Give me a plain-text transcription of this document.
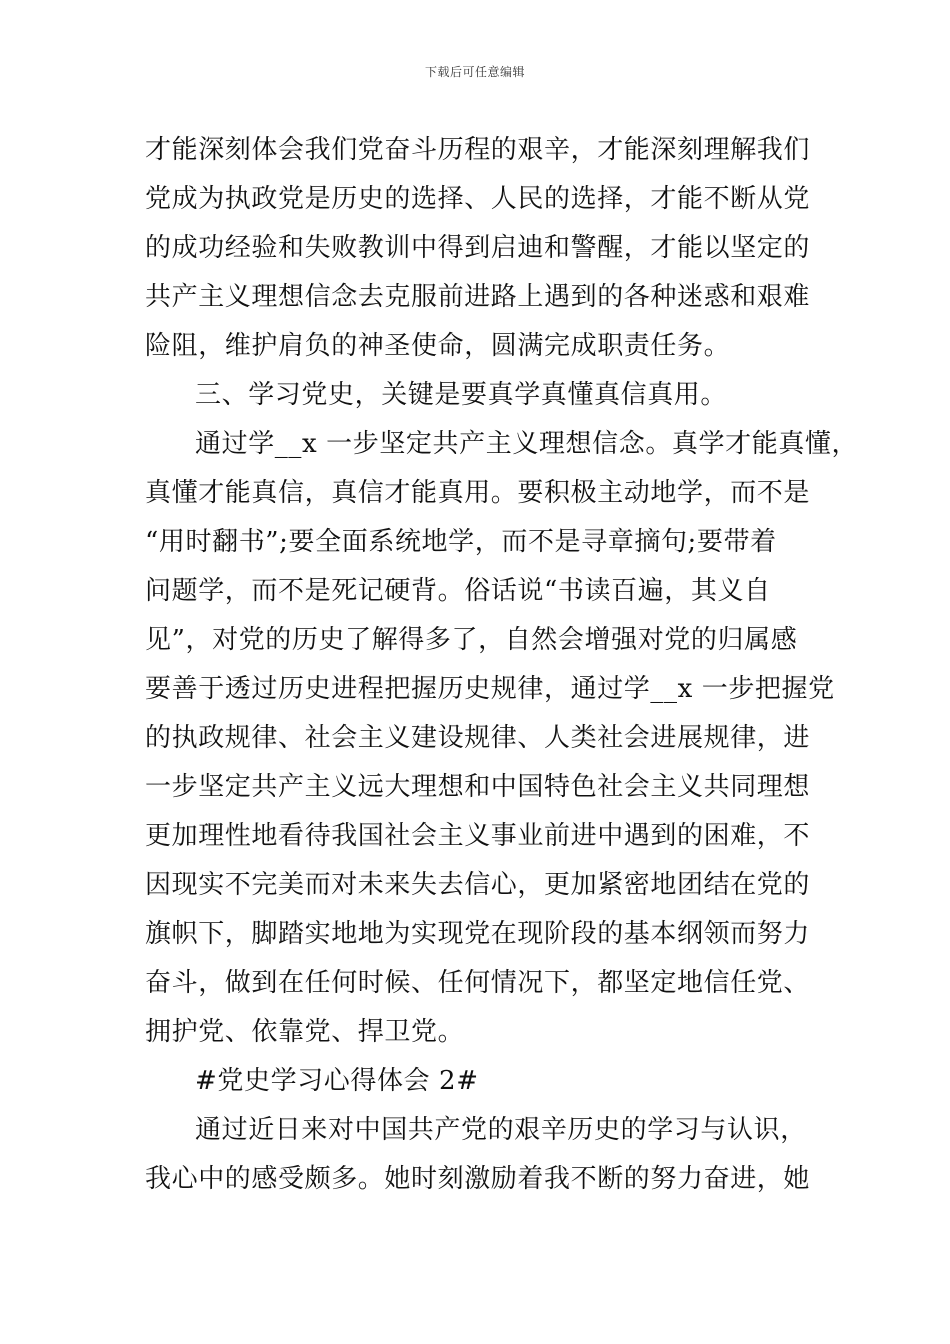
下载后可任意编辑
才能深刻体会我们党奋斗历程的艰辛，才能深刻理解我们
党成为执政党是历史的选择、人民的选择，才能不断从党
的成功经验和失败教训中得到启迪和警醒，才能以坚定的
共产主义理想信念去克服前进路上遇到的各种迷惑和艰难
险阻，维护肩负的神圣使命，圆满完成职责任务。
三、学习党史，关键是要真学真懂真信真用。
通过学__x 一步坚定共产主义理想信念。真学才能真懂，
真懂才能真信，真信才能真用。要积极主动地学，而不是
“用时翻书”;要全面系统地学，而不是寻章摘句;要带着
问题学，而不是死记硬背。俗话说“书读百遍，其义自
见”，对党的历史了解得多了，自然会增强对党的归属感
要善于透过历史进程把握历史规律，通过学__x 一步把握党
的执政规律、社会主义建设规律、人类社会进展规律，进
一步坚定共产主义远大理想和中国特色社会主义共同理想
更加理性地看待我国社会主义事业前进中遇到的困难，不
因现实不完美而对未来失去信心，更加紧密地团结在党的
旗帜下，脚踏实地地为实现党在现阶段的基本纲领而努力
奋斗，做到在任何时候、任何情况下，都坚定地信任党、
拥护党、依靠党、捍卫党。
#党史学习心得体会 2#
通过近日来对中国共产党的艰辛历史的学习与认识，
我心中的感受颇多。她时刻激励着我不断的努力奋进，她
